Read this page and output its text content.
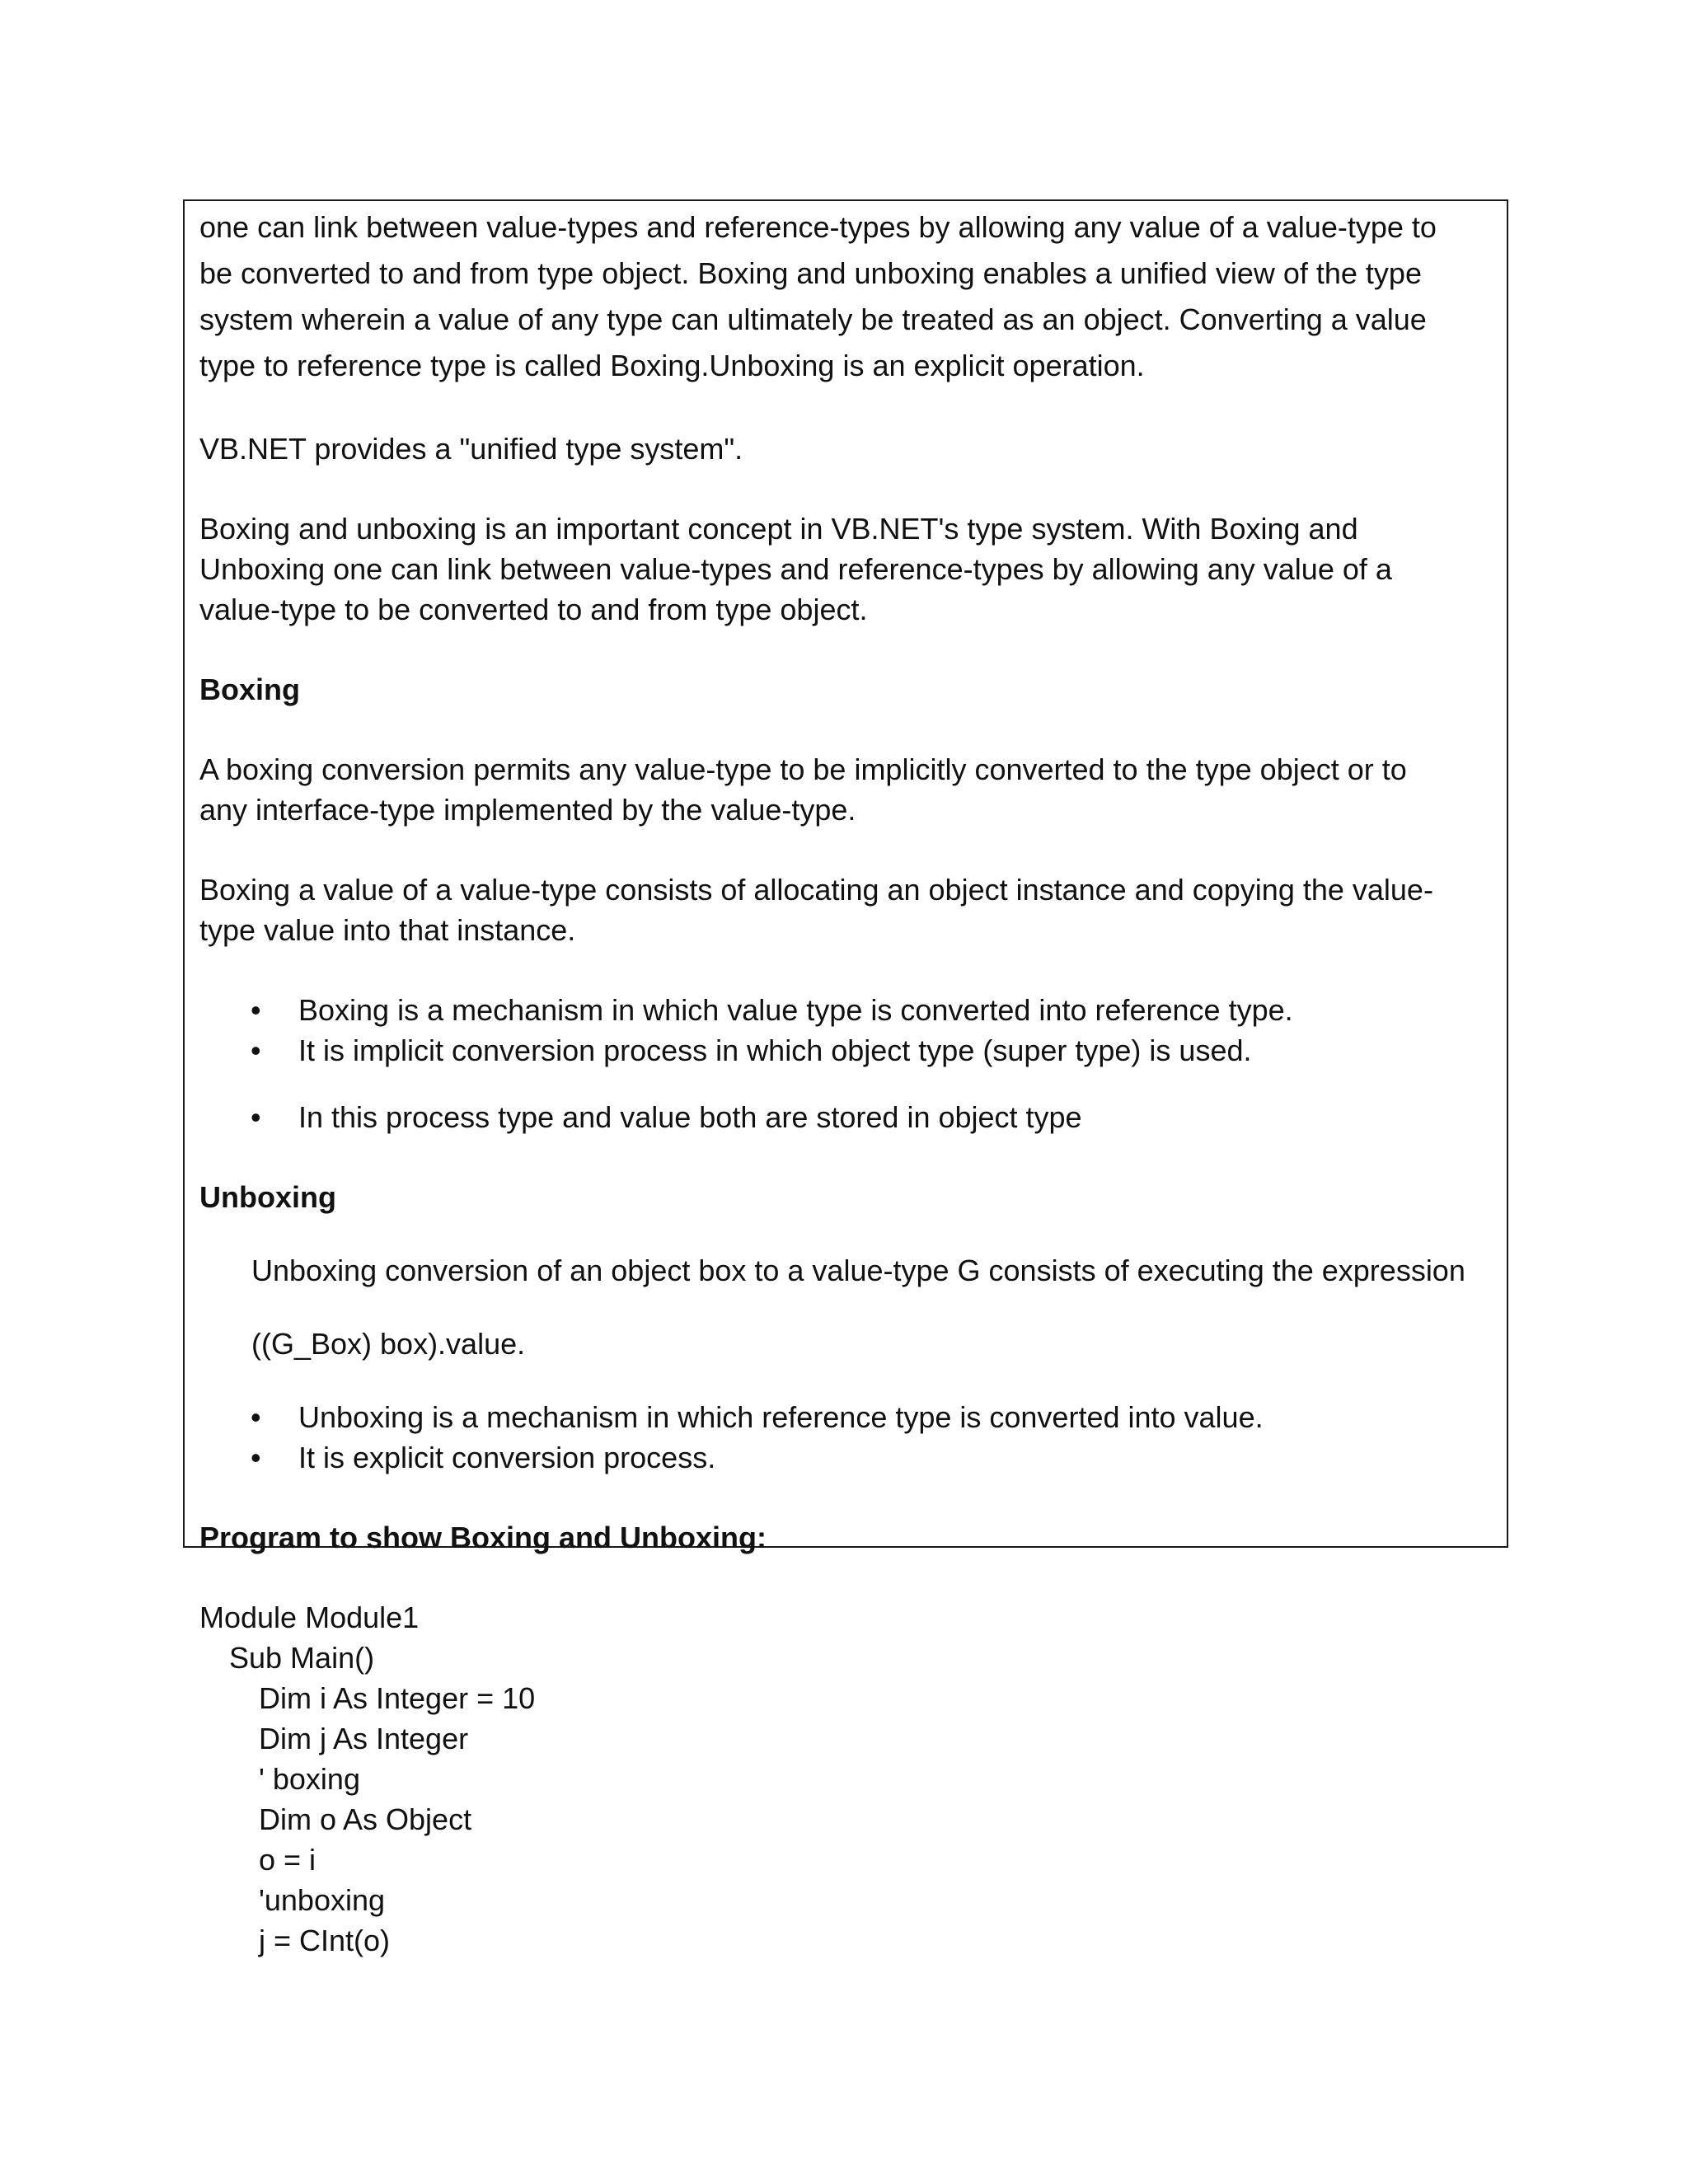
one can link between value-types and reference-types by allowing any value of a value-type to

be converted to and from type object. Boxing and unboxing enables a unified view of the type

system wherein a value of any type can ultimately be treated as an object. Converting a value

type to reference type is called Boxing.Unboxing is an explicit operation.

VB.NET provides a "unified type system".

Boxing and unboxing is an important concept in VB.NET's type system. With Boxing and

Unboxing one can link between value-types and reference-types by allowing any value of a

value-type to be converted to and from type object.

Boxing

A boxing conversion permits any value-type to be implicitly converted to the type object or to

any interface-type implemented by the value-type.

Boxing a value of a value-type consists of allocating an object instance and copying the value-

type value into that instance.

• Boxing is a mechanism in which value type is converted into reference type.
• It is implicit conversion process in which object type (super type) is used.
• In this process type and value both are stored in object type

Unboxing

Unboxing conversion of an object box to a value-type G consists of executing the expression

((G_Box) box).value.

• Unboxing is a mechanism in which reference type is converted into value.
• It is explicit conversion process.

Program to show Boxing and Unboxing:

Module Module1

Sub Main()

Dim i As Integer = 10

Dim j As Integer

' boxing

Dim o As Object

o = i

'unboxing

j = CInt(o)
